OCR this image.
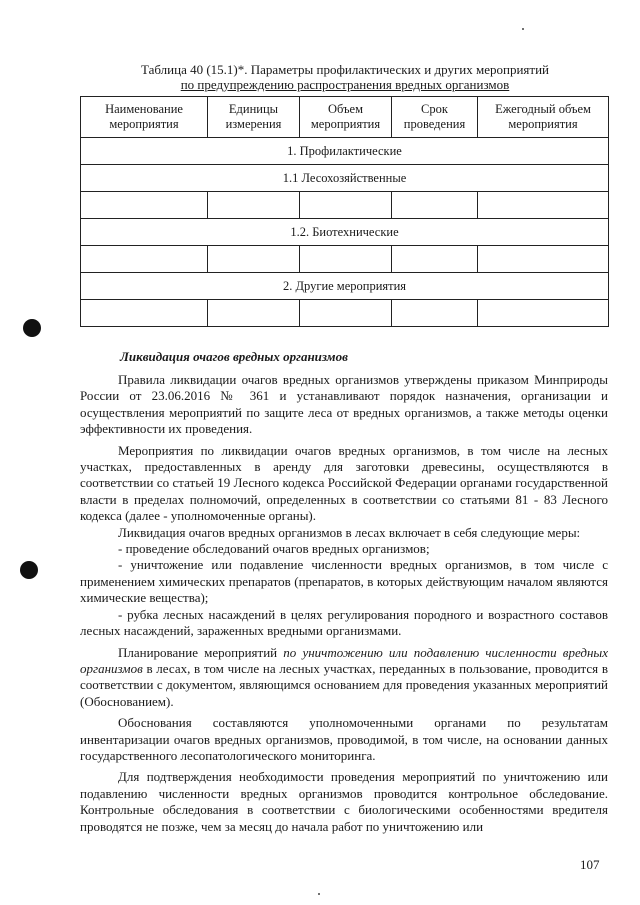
Таблица 40 (15.1)*. Параметры профилактических и других мероприятий
по предупреждению распространения вредных организмов
Наименование мероприятия	Единицы измерения	Объем мероприятия	Срок проведения	Ежегодный объем мероприятия
1. Профилактические				
1.1 Лесохозяйственные				

1.2. Биотехнические				

2. Другие мероприятия				

Ликвидация очагов вредных организмов

Правила ликвидации очагов вредных организмов утверждены приказом Минприроды России от 23.06.2016 № 361 и устанавливают порядок назначения, организации и осуществления мероприятий по защите леса от вредных организмов, а также методы оценки эффективности их проведения.

Мероприятия по ликвидации очагов вредных организмов, в том числе на лесных участках, предоставленных в аренду для заготовки древесины, осуществляются в соответствии со статьей 19 Лесного кодекса Российской Федерации органами государственной власти в пределах полномочий, определенных в соответствии со статьями 81 - 83 Лесного кодекса (далее - уполномоченные органы).

Ликвидация очагов вредных организмов в лесах включает в себя следующие меры:

- проведение обследований очагов вредных организмов;

- уничтожение или подавление численности вредных организмов, в том числе с применением химических препаратов (препаратов, в которых действующим началом являются химические вещества);

- рубка лесных насаждений в целях регулирования породного и возрастного составов лесных насаждений, зараженных вредными организмами.

Планирование мероприятий по уничтожению или подавлению численности вредных организмов в лесах, в том числе на лесных участках, переданных в пользование, проводится в соответствии с документом, являющимся основанием для проведения указанных мероприятий (Обоснованием).

Обоснования составляются уполномоченными органами по результатам инвентаризации очагов вредных организмов, проводимой, в том числе, на основании данных государственного лесопатологического мониторинга.

Для подтверждения необходимости проведения мероприятий по уничтожению или подавлению численности вредных организмов проводится контрольное обследование. Контрольные обследования в соответствии с биологическими особенностями вредителя проводятся не позже, чем за месяц до начала работ по уничтожению или

107
